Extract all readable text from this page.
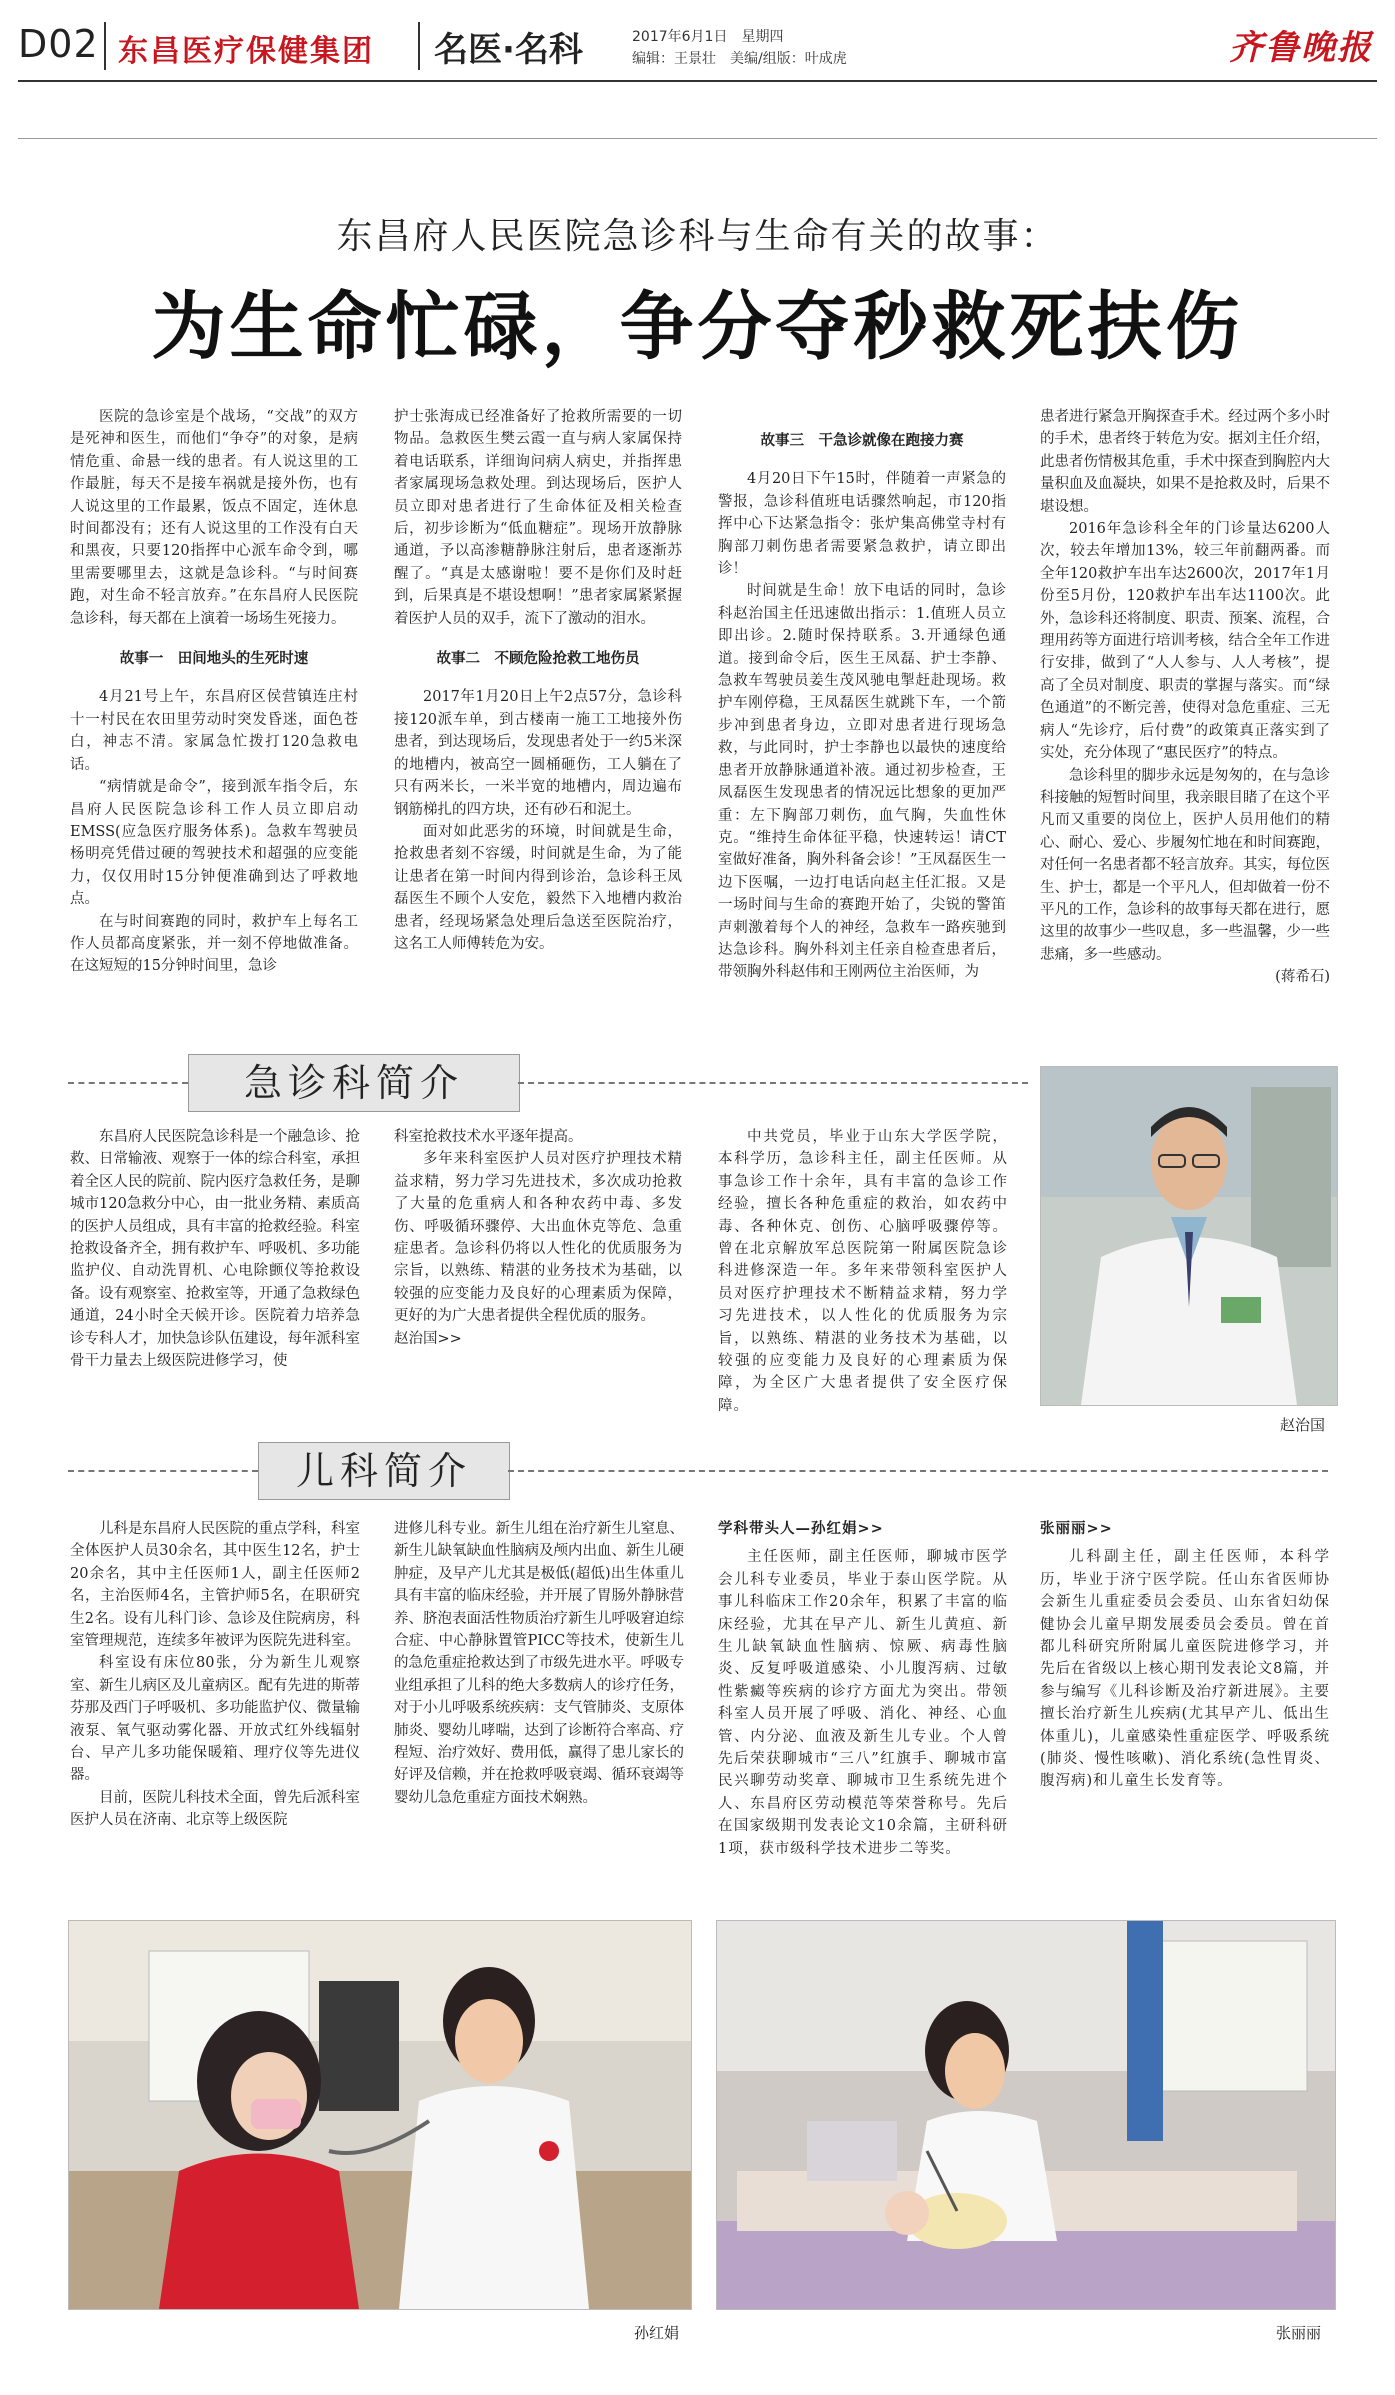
D02 东昌医疗保健集团 名医·名科	2017年6月1日　星期四
编辑：王景壮　美编/组版：叶成虎	齐鲁晚报
东昌府人民医院急诊科与生命有关的故事：
为生命忙碌，争分夺秒救死扶伤

医院的急诊室是个战场，“交战”的双方是死神和医生，而他们“争夺”的对象，是病情危重、命悬一线的患者。有人说这里的工作最脏，每天不是接车祸就是接外伤，也有人说这里的工作最累，饭点不固定，连休息时间都没有；还有人说这里的工作没有白天和黑夜，只要120指挥中心派车命令到，哪里需要哪里去，这就是急诊科。“与时间赛跑，对生命不轻言放弃。”在东昌府人民医院急诊科，每天都在上演着一场场生死接力。

故事一　田间地头的生死时速

4月21号上午，东昌府区侯营镇连庄村十一村民在农田里劳动时突发昏迷，面色苍白，神志不清。家属急忙拨打120急救电话。

“病情就是命令”，接到派车指令后，东昌府人民医院急诊科工作人员立即启动EMSS(应急医疗服务体系)。急救车驾驶员杨明亮凭借过硬的驾驶技术和超强的应变能力，仅仅用时15分钟便准确到达了呼救地点。

在与时间赛跑的同时，救护车上每名工作人员都高度紧张，并一刻不停地做准备。在这短短的15分钟时间里，急诊

护士张海成已经准备好了抢救所需要的一切物品。急救医生樊云霞一直与病人家属保持着电话联系，详细询问病人病史，并指挥患者家属现场急救处理。到达现场后，医护人员立即对患者进行了生命体征及相关检查后，初步诊断为“低血糖症”。现场开放静脉通道，予以高渗糖静脉注射后，患者逐渐苏醒了。“真是太感谢啦！要不是你们及时赶到，后果真是不堪设想啊！”患者家属紧紧握着医护人员的双手，流下了激动的泪水。

故事二　不顾危险抢救工地伤员

2017年1月20日上午2点57分，急诊科接120派车单，到古楼南一施工工地接外伤患者，到达现场后，发现患者处于一约5米深的地槽内，被高空一圆桶砸伤，工人躺在了只有两米长，一米半宽的地槽内，周边遍布钢筋梯扎的四方块，还有砂石和泥土。

面对如此恶劣的环境，时间就是生命，抢救患者刻不容缓，时间就是生命，为了能让患者在第一时间内得到诊治，急诊科王凤磊医生不顾个人安危，毅然下入地槽内救治患者，经现场紧急处理后急送至医院治疗，这名工人师傅转危为安。

故事三　干急诊就像在跑接力赛

4月20日下午15时，伴随着一声紧急的警报，急诊科值班电话骤然响起，市120指挥中心下达紧急指令：张炉集高佛堂寺村有胸部刀刺伤患者需要紧急救护，请立即出诊！

时间就是生命！放下电话的同时，急诊科赵治国主任迅速做出指示：1.值班人员立即出诊。2.随时保持联系。3.开通绿色通道。接到命令后，医生王凤磊、护士李静、急救车驾驶员姜生茂风驰电掣赶赴现场。救护车刚停稳，王凤磊医生就跳下车，一个箭步冲到患者身边，立即对患者进行现场急救，与此同时，护士李静也以最快的速度给患者开放静脉通道补液。通过初步检查，王凤磊医生发现患者的情况远比想象的更加严重：左下胸部刀刺伤，血气胸，失血性休克。“维持生命体征平稳，快速转运！请CT室做好准备，胸外科备会诊！”王凤磊医生一边下医嘱，一边打电话向赵主任汇报。又是一场时间与生命的赛跑开始了，尖锐的警笛声刺激着每个人的神经，急救车一路疾驰到达急诊科。胸外科刘主任亲自检查患者后，带领胸外科赵伟和王刚两位主治医师，为

患者进行紧急开胸探查手术。经过两个多小时的手术，患者终于转危为安。据刘主任介绍，此患者伤情极其危重，手术中探查到胸腔内大量积血及血凝块，如果不是抢救及时，后果不堪设想。

2016年急诊科全年的门诊量达6200人次，较去年增加13%，较三年前翻两番。而全年120救护车出车达2600次，2017年1月份至5月份，120救护车出车达1100次。此外，急诊科还将制度、职责、预案、流程，合理用药等方面进行培训考核，结合全年工作进行安排，做到了“人人参与、人人考核”，提高了全员对制度、职责的掌握与落实。而“绿色通道”的不断完善，使得对急危重症、三无病人“先诊疗，后付费”的政策真正落实到了实处，充分体现了“惠民医疗”的特点。

急诊科里的脚步永远是匆匆的，在与急诊科接触的短暂时间里，我亲眼目睹了在这个平凡而又重要的岗位上，医护人员用他们的精心、耐心、爱心、步履匆忙地在和时间赛跑，对任何一名患者都不轻言放弃。其实，每位医生、护士，都是一个平凡人，但却做着一份不平凡的工作，急诊科的故事每天都在进行，愿这里的故事少一些叹息，多一些温馨，少一些悲痛，多一些感动。

(蒋希石)

急诊科简介

东昌府人民医院急诊科是一个融急诊、抢救、日常输液、观察于一体的综合科室，承担着全区人民的院前、院内医疗急救任务，是聊城市120急救分中心，由一批业务精、素质高的医护人员组成，具有丰富的抢救经验。科室抢救设备齐全，拥有救护车、呼吸机、多功能监护仪、自动洗胃机、心电除颤仪等抢救设备。设有观察室、抢救室等，开通了急救绿色通道，24小时全天候开诊。医院着力培养急诊专科人才，加快急诊队伍建设，每年派科室骨干力量去上级医院进修学习，使

科室抢救技术水平逐年提高。

多年来科室医护人员对医疗护理技术精益求精，努力学习先进技术，多次成功抢救了大量的危重病人和各种农药中毒、多发伤、呼吸循环骤停、大出血休克等危、急重症患者。急诊科仍将以人性化的优质服务为宗旨，以熟练、精湛的业务技术为基础，以较强的应变能力及良好的心理素质为保障，更好的为广大患者提供全程优质的服务。

赵治国>>

中共党员，毕业于山东大学医学院，本科学历，急诊科主任，副主任医师。从事急诊工作十余年，具有丰富的急诊工作经验，擅长各种危重症的救治，如农药中毒、各种休克、创伤、心脑呼吸骤停等。曾在北京解放军总医院第一附属医院急诊科进修深造一年。多年来带领科室医护人员对医疗护理技术不断精益求精，努力学习先进技术，以人性化的优质服务为宗旨，以熟练、精湛的业务技术为基础，以较强的应变能力及良好的心理素质为保障，为全区广大患者提供了安全医疗保障。

赵治国
儿科简介

儿科是东昌府人民医院的重点学科，科室全体医护人员30余名，其中医生12名，护士20余名，其中主任医师1人，副主任医师2名，主治医师4名，主管护师5名，在职研究生2名。设有儿科门诊、急诊及住院病房，科室管理规范，连续多年被评为医院先进科室。

科室设有床位80张，分为新生儿观察室、新生儿病区及儿童病区。配有先进的斯蒂芬那及西门子呼吸机、多功能监护仪、微量输液泵、氧气驱动雾化器、开放式红外线辐射台、早产儿多功能保暖箱、理疗仪等先进仪器。

目前，医院儿科技术全面，曾先后派科室医护人员在济南、北京等上级医院

进修儿科专业。新生儿组在治疗新生儿窒息、新生儿缺氧缺血性脑病及颅内出血、新生儿硬肿症，及早产儿尤其是极低(超低)出生体重儿具有丰富的临床经验，并开展了胃肠外静脉营养、脐泡表面活性物质治疗新生儿呼吸窘迫综合症、中心静脉置管PICC等技术，使新生儿的急危重症抢救达到了市级先进水平。呼吸专业组承担了儿科的绝大多数病人的诊疗任务，对于小儿呼吸系统疾病：支气管肺炎、支原体肺炎、婴幼儿哮喘，达到了诊断符合率高、疗程短、治疗效好、费用低，赢得了患儿家长的好评及信赖，并在抢救呼吸衰竭、循环衰竭等婴幼儿急危重症方面技术娴熟。

学科带头人—孙红娟>>

主任医师，副主任医师，聊城市医学会儿科专业委员，毕业于泰山医学院。从事儿科临床工作20余年，积累了丰富的临床经验，尤其在早产儿、新生儿黄疸、新生儿缺氧缺血性脑病、惊厥、病毒性脑炎、反复呼吸道感染、小儿腹泻病、过敏性紫癜等疾病的诊疗方面尤为突出。带领科室人员开展了呼吸、消化、神经、心血管、内分泌、血液及新生儿专业。个人曾先后荣获聊城市“三八”红旗手、聊城市富民兴聊劳动奖章、聊城市卫生系统先进个人、东昌府区劳动模范等荣誉称号。先后在国家级期刊发表论文10余篇，主研科研1项，获市级科学技术进步二等奖。

张丽丽>>

儿科副主任，副主任医师，本科学历，毕业于济宁医学院。任山东省医师协会新生儿重症委员会委员、山东省妇幼保健协会儿童早期发展委员会委员。曾在首都儿科研究所附属儿童医院进修学习，并先后在省级以上核心期刊发表论文8篇，并参与编写《儿科诊断及治疗新进展》。主要擅长治疗新生儿疾病(尤其早产儿、低出生体重儿)，儿童感染性重症医学、呼吸系统(肺炎、慢性咳嗽)、消化系统(急性胃炎、腹泻病)和儿童生长发育等。

孙红娟	张丽丽
